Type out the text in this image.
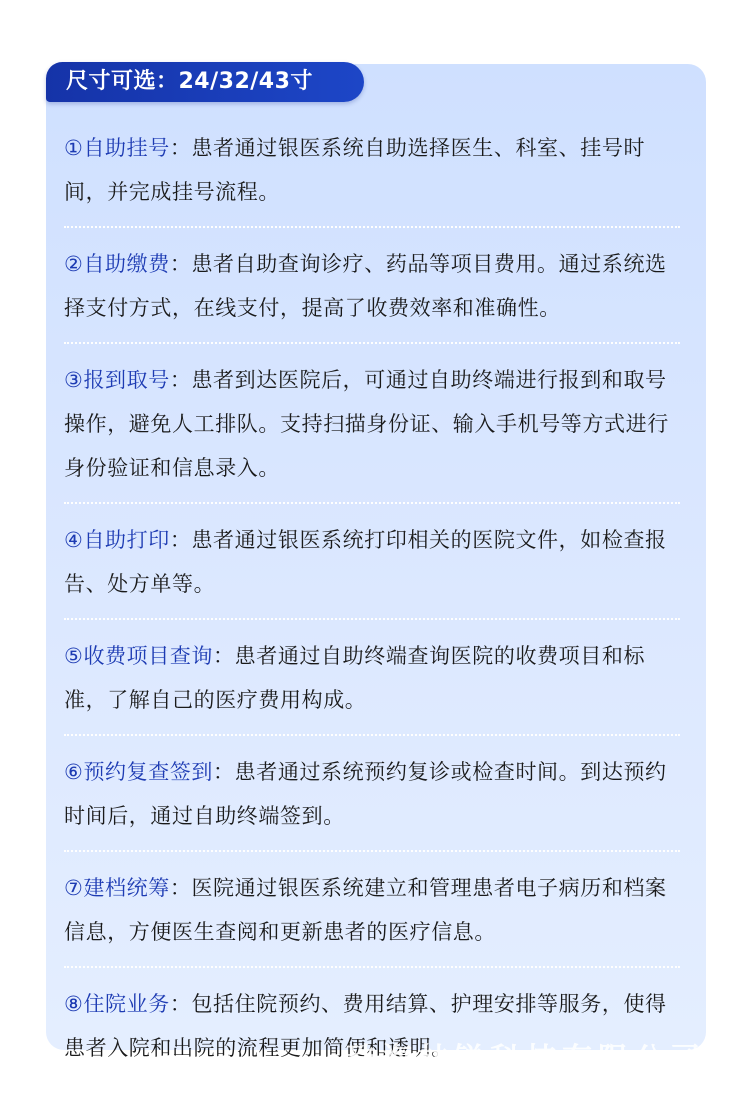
尺寸可选：24/32/43寸
①自助挂号：患者通过银医系统自助选择医生、科室、挂号时间，并完成挂号流程。
②自助缴费：患者自助查询诊疗、药品等项目费用。通过系统选择支付方式，在线支付，提高了收费效率和准确性。
③报到取号：患者到达医院后，可通过自助终端进行报到和取号操作，避免人工排队。支持扫描身份证、输入手机号等方式进行身份验证和信息录入。
④自助打印：患者通过银医系统打印相关的医院文件，如检查报告、处方单等。
⑤收费项目查询：患者通过自助终端查询医院的收费项目和标准，了解自己的医疗费用构成。
⑥预约复查签到：患者通过系统预约复诊或检查时间。到达预约时间后，通过自助终端签到。
⑦建档统筹：医院通过银医系统建立和管理患者电子病历和档案信息，方便医生查阅和更新患者的医疗信息。
⑧住院业务：包括住院预约、费用结算、护理安排等服务，使得患者入院和出院的流程更加简便和透明。
珠海林锐科技有限公司
